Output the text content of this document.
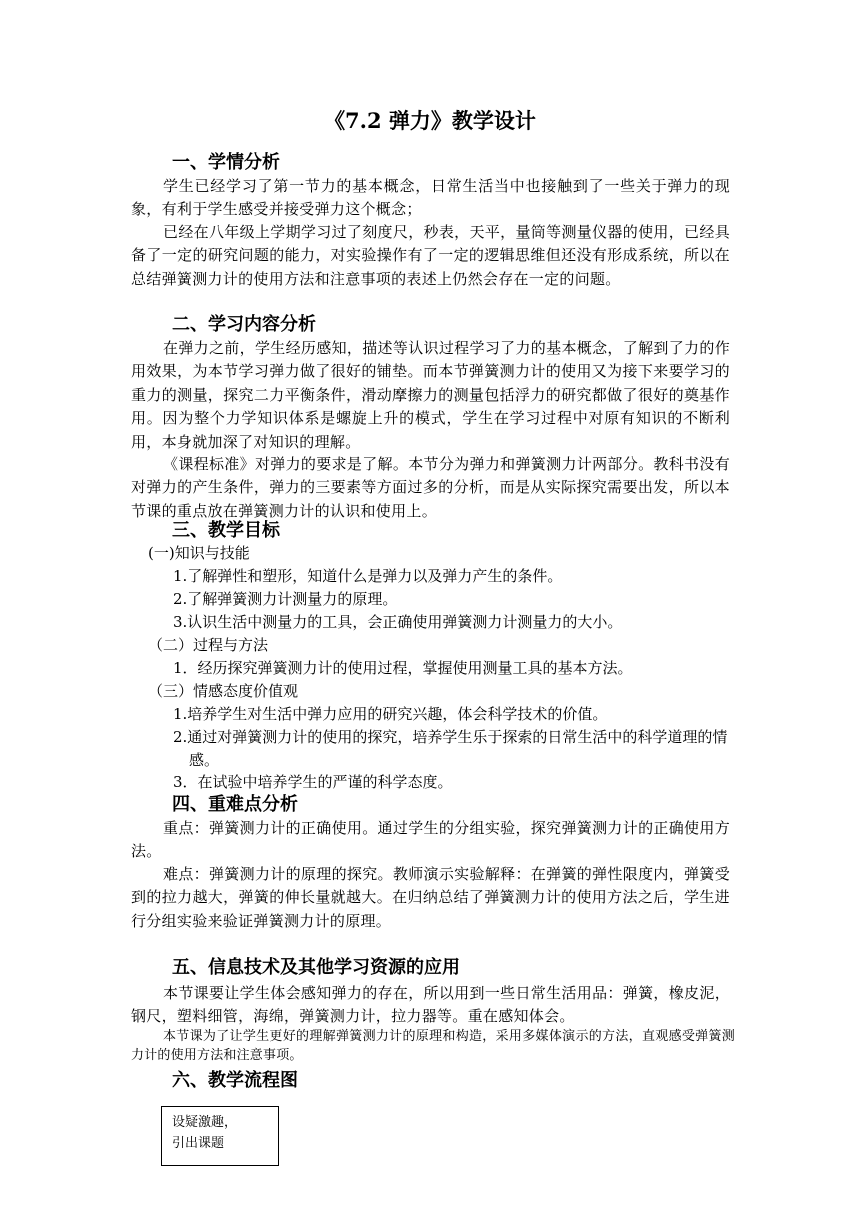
《7.2 弹力》教学设计
一、学情分析
学生已经学习了第一节力的基本概念，日常生活当中也接触到了一些关于弹力的现象，有利于学生感受并接受弹力这个概念；
已经在八年级上学期学习过了刻度尺，秒表，天平，量筒等测量仪器的使用，已经具备了一定的研究问题的能力，对实验操作有了一定的逻辑思维但还没有形成系统，所以在总结弹簧测力计的使用方法和注意事项的表述上仍然会存在一定的问题。
二、学习内容分析
在弹力之前，学生经历感知，描述等认识过程学习了力的基本概念，了解到了力的作用效果，为本节学习弹力做了很好的铺垫。而本节弹簧测力计的使用又为接下来要学习的重力的测量，探究二力平衡条件，滑动摩擦力的测量包括浮力的研究都做了很好的奠基作用。因为整个力学知识体系是螺旋上升的模式，学生在学习过程中对原有知识的不断利用，本身就加深了对知识的理解。
《课程标准》对弹力的要求是了解。本节分为弹力和弹簧测力计两部分。教科书没有对弹力的产生条件，弹力的三要素等方面过多的分析，而是从实际探究需要出发，所以本节课的重点放在弹簧测力计的认识和使用上。
三、教学目标
(一)知识与技能
1.了解弹性和塑形，知道什么是弹力以及弹力产生的条件。
2.了解弹簧测力计测量力的原理。
3.认识生活中测量力的工具，会正确使用弹簧测力计测量力的大小。
（二）过程与方法
1．经历探究弹簧测力计的使用过程，掌握使用测量工具的基本方法。
（三）情感态度价值观
1.培养学生对生活中弹力应用的研究兴趣，体会科学技术的价值。
2.通过对弹簧测力计的使用的探究，培养学生乐于探索的日常生活中的科学道理的情感。
3．在试验中培养学生的严谨的科学态度。
四、重难点分析
重点：弹簧测力计的正确使用。通过学生的分组实验，探究弹簧测力计的正确使用方法。
难点：弹簧测力计的原理的探究。教师演示实验解释：在弹簧的弹性限度内，弹簧受到的拉力越大，弹簧的伸长量就越大。在归纳总结了弹簧测力计的使用方法之后，学生进行分组实验来验证弹簧测力计的原理。
五、信息技术及其他学习资源的应用
本节课要让学生体会感知弹力的存在，所以用到一些日常生活用品：弹簧，橡皮泥，钢尺，塑料细管，海绵，弹簧测力计，拉力器等。重在感知体会。
本节课为了让学生更好的理解弹簧测力计的原理和构造，采用多媒体演示的方法，直观感受弹簧测力计的使用方法和注意事项。
六、教学流程图
设疑激趣，
引出课题
